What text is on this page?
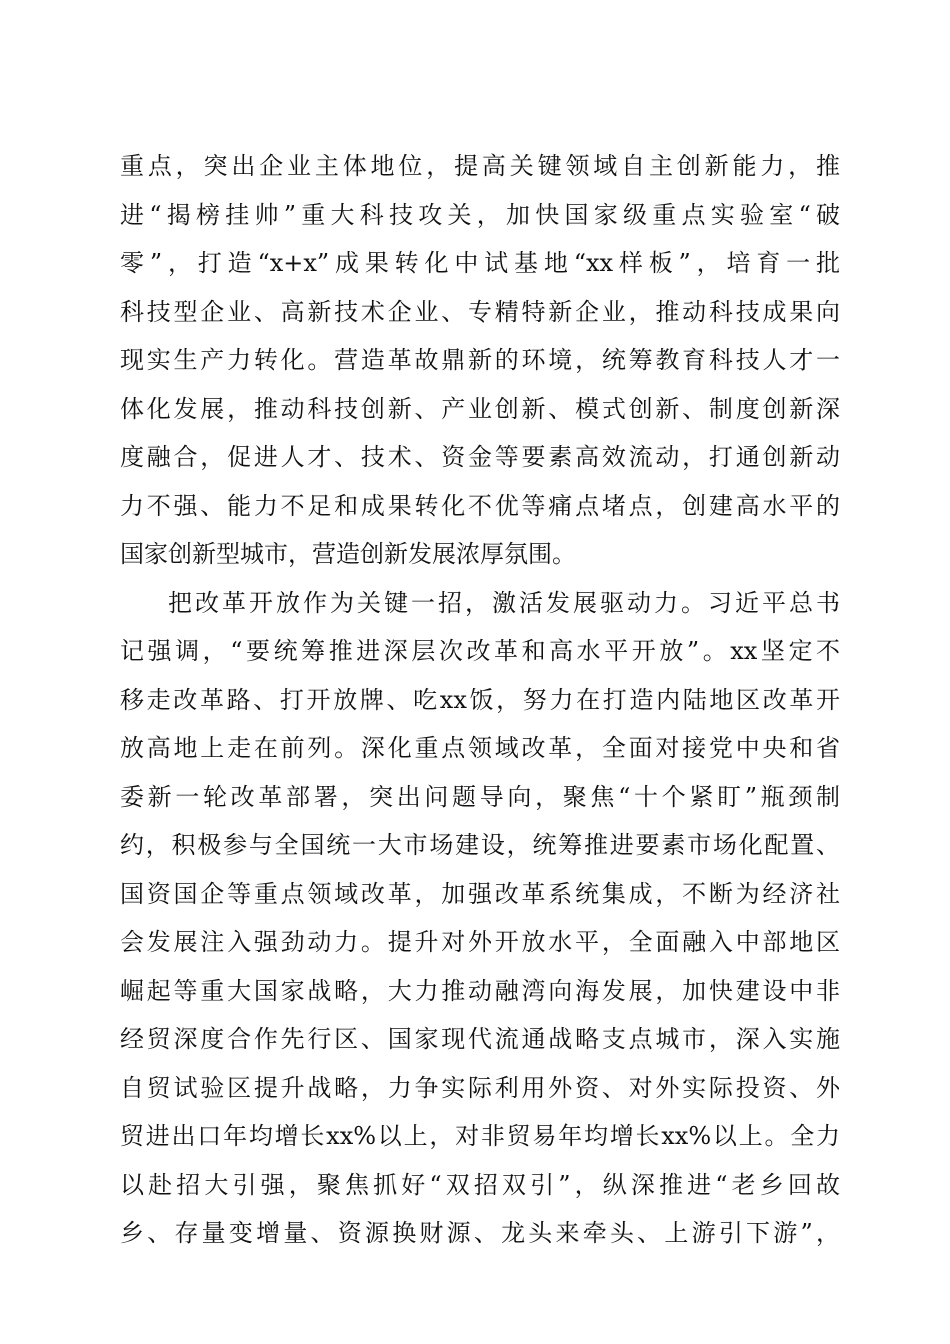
重点，突出企业主体地位，提高关键领域自主创新能力，推
进“揭榜挂帅”重大科技攻关，加快国家级重点实验室“破
零”，打造“x+x”成果转化中试基地“xx样板”，培育一批
科技型企业、高新技术企业、专精特新企业，推动科技成果向
现实生产力转化。营造革故鼎新的环境，统筹教育科技人才一
体化发展，推动科技创新、产业创新、模式创新、制度创新深
度融合，促进人才、技术、资金等要素高效流动，打通创新动
力不强、能力不足和成果转化不优等痛点堵点，创建高水平的
国家创新型城市，营造创新发展浓厚氛围。
把改革开放作为关键一招，激活发展驱动力。习近平总书
记强调，“要统筹推进深层次改革和高水平开放”。xx坚定不
移走改革路、打开放牌、吃xx饭，努力在打造内陆地区改革开
放高地上走在前列。深化重点领域改革，全面对接党中央和省
委新一轮改革部署，突出问题导向，聚焦“十个紧盯”瓶颈制
约，积极参与全国统一大市场建设，统筹推进要素市场化配置、
国资国企等重点领域改革，加强改革系统集成，不断为经济社
会发展注入强劲动力。提升对外开放水平，全面融入中部地区
崛起等重大国家战略，大力推动融湾向海发展，加快建设中非
经贸深度合作先行区、国家现代流通战略支点城市，深入实施
自贸试验区提升战略，力争实际利用外资、对外实际投资、外
贸进出口年均增长xx%以上，对非贸易年均增长xx%以上。全力
以赴招大引强，聚焦抓好“双招双引”，纵深推进“老乡回故
乡、存量变增量、资源换财源、龙头来牵头、上游引下游”，
